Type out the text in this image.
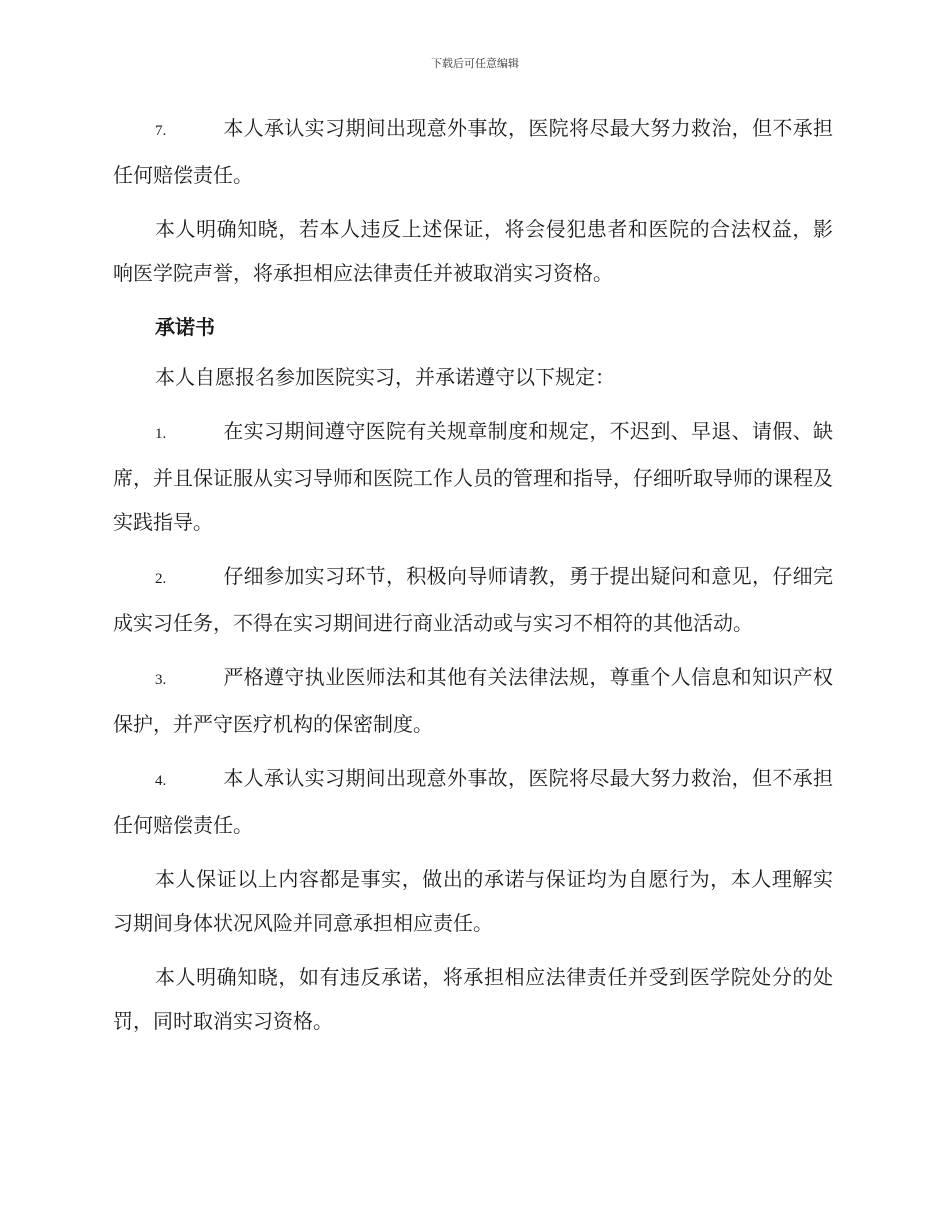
下载后可任意编辑

7.	本人承认实习期间出现意外事故，医院将尽最大努力救治，但不承担任何赔偿责任。

本人明确知晓，若本人违反上述保证，将会侵犯患者和医院的合法权益，影响医学院声誉，将承担相应法律责任并被取消实习资格。

承诺书

本人自愿报名参加医院实习，并承诺遵守以下规定：

1.	在实习期间遵守医院有关规章制度和规定，不迟到、早退、请假、缺席，并且保证服从实习导师和医院工作人员的管理和指导，仔细听取导师的课程及实践指导。

2.	仔细参加实习环节，积极向导师请教，勇于提出疑问和意见，仔细完成实习任务，不得在实习期间进行商业活动或与实习不相符的其他活动。

3.	严格遵守执业医师法和其他有关法律法规，尊重个人信息和知识产权保护，并严守医疗机构的保密制度。

4.	本人承认实习期间出现意外事故，医院将尽最大努力救治，但不承担任何赔偿责任。

本人保证以上内容都是事实，做出的承诺与保证均为自愿行为，本人理解实习期间身体状况风险并同意承担相应责任。

本人明确知晓，如有违反承诺，将承担相应法律责任并受到医学院处分的处罚，同时取消实习资格。
